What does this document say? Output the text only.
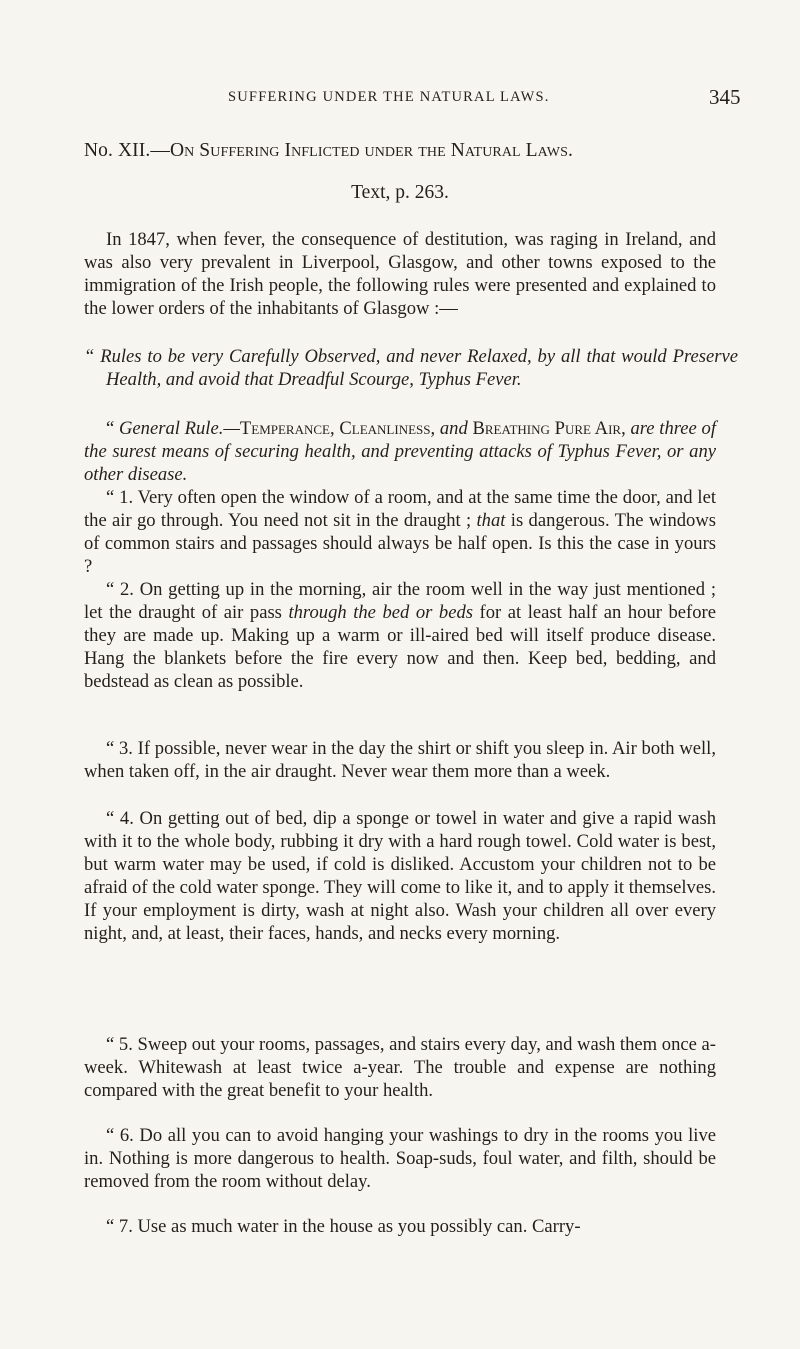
SUFFERING UNDER THE NATURAL LAWS.	345
No. XII.—On Suffering Inflicted under the Natural Laws.
Text, p. 263.

In 1847, when fever, the consequence of destitution, was raging in Ireland, and was also very prevalent in Liverpool, Glasgow, and other towns exposed to the immigration of the Irish people, the following rules were presented and explained to the lower orders of the inhabitants of Glasgow :—

“ Rules to be very Carefully Observed, and never Relaxed, by all that would Preserve Health, and avoid that Dreadful Scourge, Typhus Fever.

“ General Rule.—Temperance, Cleanliness, and Breathing Pure Air, are three of the surest means of securing health, and preventing attacks of Typhus Fever, or any other disease.

“ 1. Very often open the window of a room, and at the same time the door, and let the air go through. You need not sit in the draught ; that is dangerous. The windows of common stairs and passages should always be half open. Is this the case in yours ?

“ 2. On getting up in the morning, air the room well in the way just mentioned ; let the draught of air pass through the bed or beds for at least half an hour before they are made up. Making up a warm or ill-aired bed will itself produce disease. Hang the blankets before the fire every now and then. Keep bed, bedding, and bedstead as clean as possible.

“ 3. If possible, never wear in the day the shirt or shift you sleep in. Air both well, when taken off, in the air draught. Never wear them more than a week.

“ 4. On getting out of bed, dip a sponge or towel in water and give a rapid wash with it to the whole body, rubbing it dry with a hard rough towel. Cold water is best, but warm water may be used, if cold is disliked. Accustom your children not to be afraid of the cold water sponge. They will come to like it, and to apply it themselves. If your employment is dirty, wash at night also. Wash your children all over every night, and, at least, their faces, hands, and necks every morning.

“ 5. Sweep out your rooms, passages, and stairs every day, and wash them once a-week. Whitewash at least twice a-year. The trouble and expense are nothing compared with the great benefit to your health.

“ 6. Do all you can to avoid hanging your washings to dry in the rooms you live in. Nothing is more dangerous to health. Soap-suds, foul water, and filth, should be removed from the room without delay.

“ 7. Use as much water in the house as you possibly can. Carry-
